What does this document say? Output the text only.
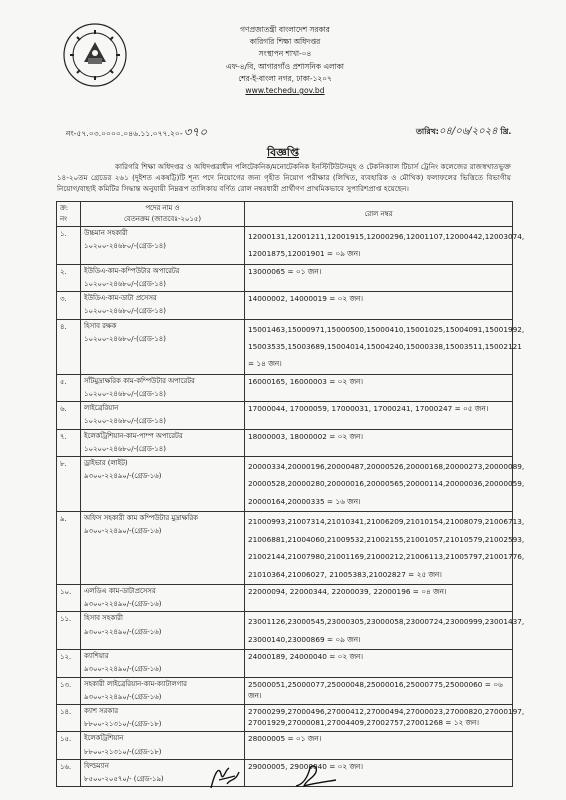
গণপ্রজাতন্ত্রী বাংলাদেশ সরকার
কারিগরি শিক্ষা অধিদপ্তর
সংস্থাপন শাখা-০৪
এফ-৪/বি, আগারগাঁও প্রশাসনিক এলাকা
শের-ই-বাংলা নগর, ঢাকা-১২০৭
www.techedu.gov.bd
নং-৫৭.০৩.০০০০.০৪৬.১১.০৭৭.২০-৩৭০	তারিখ:০৪/০৬/২০২৪ খ্রি.
বিজ্ঞপ্তি
কারিগরি শিক্ষা অধিদপ্তর ও অধিদপ্তরাধীন পলিটেকনিক/মনোটেকনিক ইনস্টিটিউটসমূহ ও টেকনিক্যাল টিচার্স ট্রেনিং কলেজের রাজস্বখাতভুক্ত ১৪-২০তম গ্রেডের ২৬১ (দুইশত একষট্টি)টি শূন্য পদে নিয়োগের জন্য গৃহীত নিয়োগ পরীক্ষার (লিখিত, ব্যবহারিক ও মৌখিক) ফলাফলের ভিত্তিতে বিভাগীয় নিয়োগ/বাছাই কমিটির সিদ্ধান্ত অনুযায়ী নিম্নরূপ তালিকায় বর্ণিত রোল নম্বরধারী প্রার্থীগণ প্রাথমিকভাবে সুপারিশপ্রাপ্ত হয়েছেন।
ক্র: নং	পদের নাম ও
বেতনক্রম (জাতবেঃ-২০১৫)	রোল নম্বর
১.	উচ্চমান সহকারী
১০২০০-২৪৬৮০/-(গ্রেড-১৪)	12000131,12001211,12001915,12000296,12001107,12000442,12003074, 12001875,12001901 = ০৯ জন।
২.	ইউডিএ-কাম-কম্পিউটার অপারেটর
১০২০০-২৪৬৮০/-(গ্রেড-১৪)	13000065 = ০১ জন।
৩.	ইউডিএ-কাম-ডাটা প্রসেসর
১০২০০-২৪৬৮০/-(গ্রেড-১৪)	14000002, 14000019 = ০২ জন।
৪.	হিসাব রক্ষক
১০২০০-২৪৬৮০/-(গ্রেড-১৪)	15001463,15000971,15000500,15000410,15001025,15004091,15001992, 15003535,15003689,15004014,15004240,15000338,15003511,15002121 = ১৪ জন।
৫.	সাঁটমুদ্রাক্ষরিক কাম-কম্পিউটার অপারেটর
১০২০০-২৪৬৮০/-(গ্রেড-১৪)	16000165, 16000003 = ০২ জন।
৬.	লাইব্রেরিয়ান
১০২০০-২৪৬৮০/-(গ্রেড-১৪)	17000044, 17000059, 17000031, 17000241, 17000247 = ০৫ জন।
৭.	ইলেকট্রিশিয়ান-কাম-পাম্প অপারেটর
১০২০০-২৪৬৮০/-(গ্রেড-১৪)	18000003, 18000002 = ০২ জন।
৮.	ড্রাইভার (লাইট)
৯৩০০-২২৪৯০/-(গ্রেড-১৬)	20000334,20000196,20000487,20000526,20000168,20000273,20000089, 20000528,20000280,20000016,20000565,20000114,20000036,20000059, 20000164,20000335 = ১৬ জন।
৯.	অফিস সহকারী কাম কম্পিউটার মুদ্রাক্ষরিক
৯৩০০-২২৪৯০/-(গ্রেড-১৬)	21000993,21007314,21010341,21006209,21010154,21008079,21006713, 21006881,21004060,21009532,21002155,21001057,21010579,21002593, 21002144,21007980,21001169,21000212,21006113,21005797,21001776, 21010364,21006027, 21005383,21002827 = ২৫ জন।
১০.	এলডিএ কাম-ডাটাপ্রসেসর
৯৩০০-২২৪৯০/-(গ্রেড-১৬)	22000094, 22000344, 22000039, 22000196 = ০৪ জন।
১১.	হিসাব সহকারী
৯৩০০-২২৪৯০/-(গ্রেড-১৬)	23001126,23000545,23000305,23000058,23000724,23000999,23001437, 23000140,23000869 = ০৯ জন।
১২.	ক্যাশিয়ার
৯৩০০-২২৪৯০/-(গ্রেড-১৬)	24000189, 24000040 = ০২ জন।
১৩.	সহকারী লাইব্রেরিয়ান-কাম-ক্যাটালগার
৯৩০০-২২৪৯০/-(গ্রেড-১৬)	25000051,25000077,25000048,25000016,25000775,25000060 = ০৬ জন।
১৪.	ক্যাশ সরকার
৮৮০০-২১৩১০/-(গ্রেড-১৮)	27000299,27000496,27000412,27000494,27000023,27000820,27000197, 27001929,27000081,27004409,27002757,27001268 = ১২ জন।
১৫.	ইলেকট্রিশিয়ান
৮৮০০-২১৩১০/-(গ্রেড-১৮)	28000005 = ০১ জন।
১৬.	ফিল্ডম্যান
৮৫০০-২০৫৭০/- (গ্রেড-১৯)	29000005, 29000040 = ০২ জন।
